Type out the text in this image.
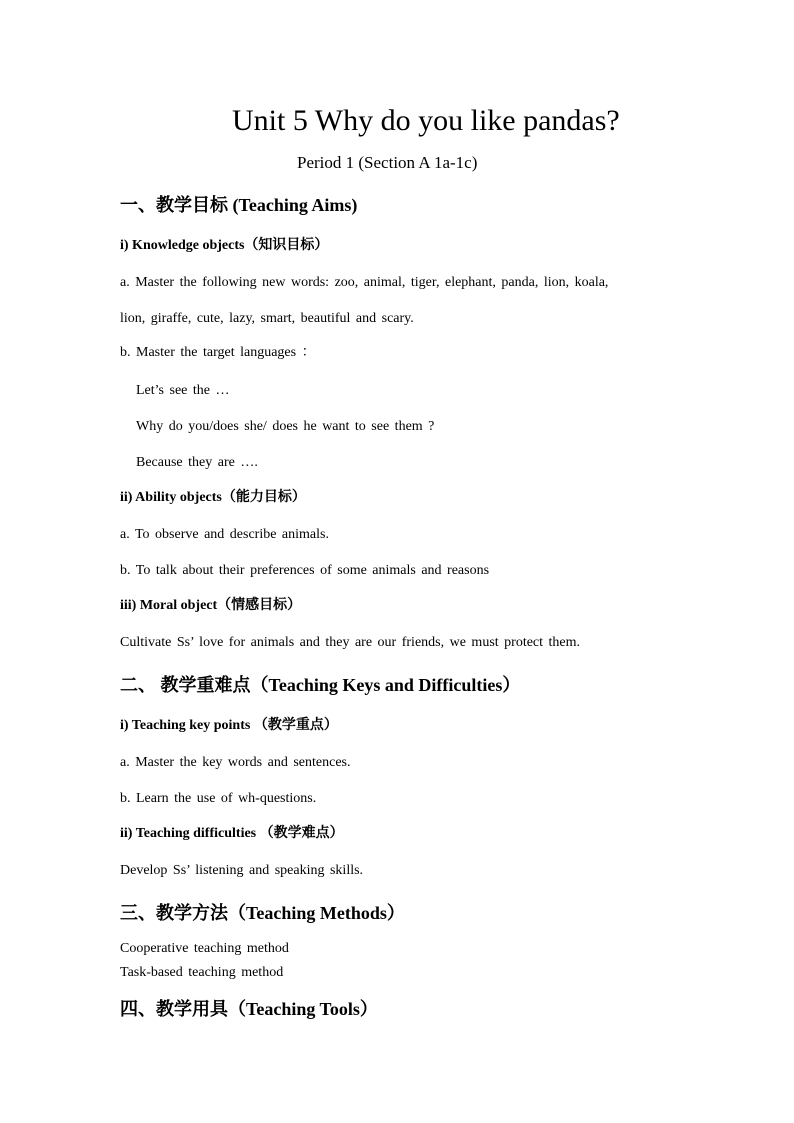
Unit 5 Why do you like pandas?
Period 1 (Section A 1a-1c)
一、教学目标 (Teaching Aims)
i) Knowledge objects（知识目标）
a. Master the following new words: zoo, animal, tiger, elephant, panda, lion, koala,
lion, giraffe, cute, lazy, smart, beautiful and scary.
b. Master the target languages ：
Let’s see the …
Why do you/does she/ does he want to see them ?
Because they are ….
ii) Ability objects（能力目标）
a. To observe and describe animals.
b. To talk about their preferences of some animals and reasons
iii) Moral object（情感目标）
Cultivate Ss’ love for animals and they are our friends, we must protect them.
二、 教学重难点（Teaching Keys and Difficulties）
i) Teaching key points （教学重点）
a. Master the key words and sentences.
b. Learn the use of wh-questions.
ii) Teaching difficulties （教学难点）
Develop Ss’ listening and speaking skills.
三、教学方法（Teaching Methods）
Cooperative teaching method
Task-based teaching method
四、教学用具（Teaching Tools）
